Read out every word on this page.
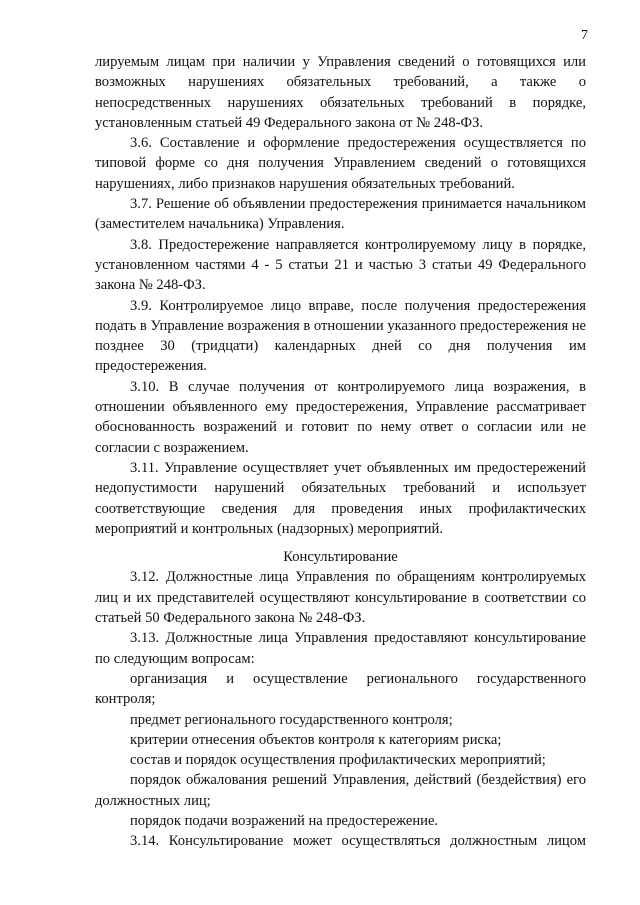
7

лируемым лицам при наличии у Управления сведений о готовящихся или возможных нарушениях обязательных требований, а также о непосредственных нарушениях обязательных требований в порядке, установленным статьей 49 Федерального закона от № 248-ФЗ.

3.6. Составление и оформление предостережения осуществляется по типовой форме со дня получения Управлением сведений о готовящихся нарушениях, либо признаков нарушения обязательных требований.

3.7. Решение об объявлении предостережения принимается начальником (заместителем начальника) Управления.

3.8. Предостережение направляется контролируемому лицу в порядке, установленном частями 4 - 5 статьи 21 и частью 3 статьи 49 Федерального закона № 248-ФЗ.

3.9. Контролируемое лицо вправе, после получения предостережения подать в Управление возражения в отношении указанного предостережения не позднее 30 (тридцати) календарных дней со дня получения им предостережения.

3.10. В случае получения от контролируемого лица возражения, в отношении объявленного ему предостережения, Управление рассматривает обоснованность возражений и готовит по нему ответ о согласии или не согласии с возражением.

3.11. Управление осуществляет учет объявленных им предостережений недопустимости нарушений обязательных требований и использует соответствующие сведения для проведения иных профилактических мероприятий и контрольных (надзорных) мероприятий.

Консультирование

3.12. Должностные лица Управления по обращениям контролируемых лиц и их представителей осуществляют консультирование в соответствии со статьей 50 Федерального закона № 248-ФЗ.

3.13. Должностные лица Управления предоставляют консультирование по следующим вопросам:

организация и осуществление регионального государственного контроля;

предмет регионального государственного контроля;

критерии отнесения объектов контроля к категориям риска;

состав и порядок осуществления профилактических мероприятий;

порядок обжалования решений Управления, действий (бездействия) его должностных лиц;

порядок подачи возражений на предостережение.

3.14. Консультирование может осуществляться должностным лицом
